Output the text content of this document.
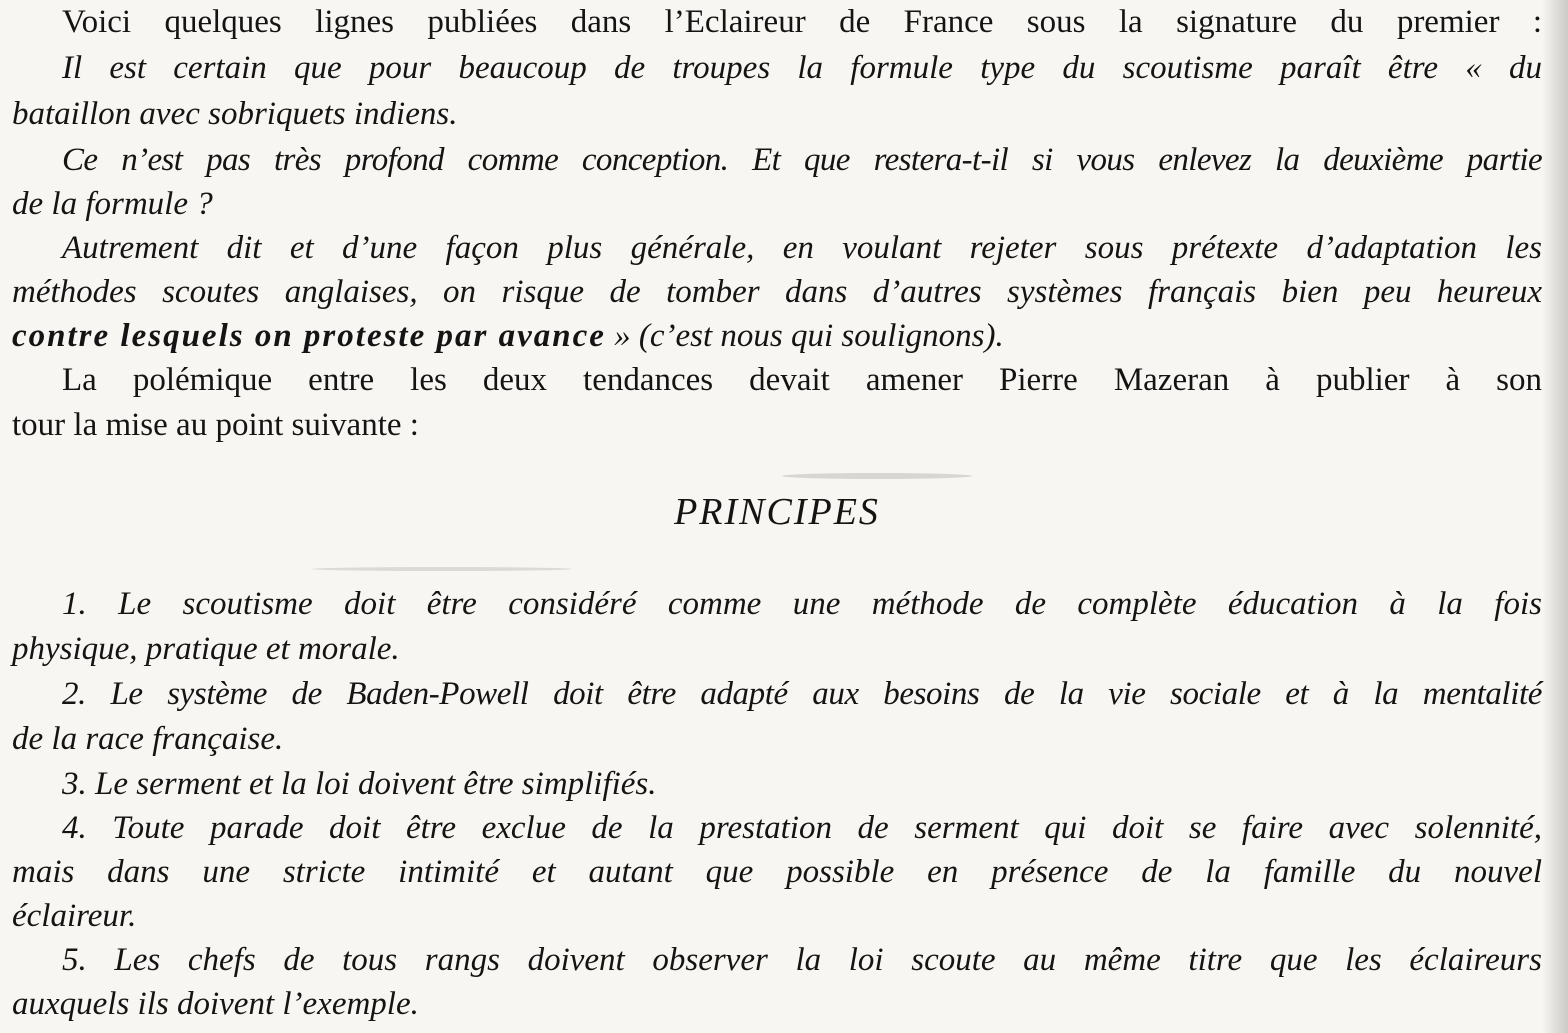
Voici quelques lignes publiées dans l’Eclaireur de France sous la signature du premier :
Il est certain que pour beaucoup de troupes la formule type du scoutisme paraît être « du
bataillon avec sobriquets indiens.
Ce n’est pas très profond comme conception. Et que restera-t-il si vous enlevez la deuxième partie
de la formule ?
Autrement dit et d’une façon plus générale, en voulant rejeter sous prétexte d’adaptation les
méthodes scoutes anglaises, on risque de tomber dans d’autres systèmes français bien peu heureux
contre lesquels on proteste par avance » (c’est nous qui soulignons).
La polémique entre les deux tendances devait amener Pierre Mazeran à publier à son
tour la mise au point suivante :
PRINCIPES
1. Le scoutisme doit être considéré comme une méthode de complète éducation à la fois
physique, pratique et morale.
2. Le système de Baden-Powell doit être adapté aux besoins de la vie sociale et à la mentalité
de la race française.
3. Le serment et la loi doivent être simplifiés.
4. Toute parade doit être exclue de la prestation de serment qui doit se faire avec solennité,
mais dans une stricte intimité et autant que possible en présence de la famille du nouvel
éclaireur.
5. Les chefs de tous rangs doivent observer la loi scoute au même titre que les éclaireurs
auxquels ils doivent l’exemple.
